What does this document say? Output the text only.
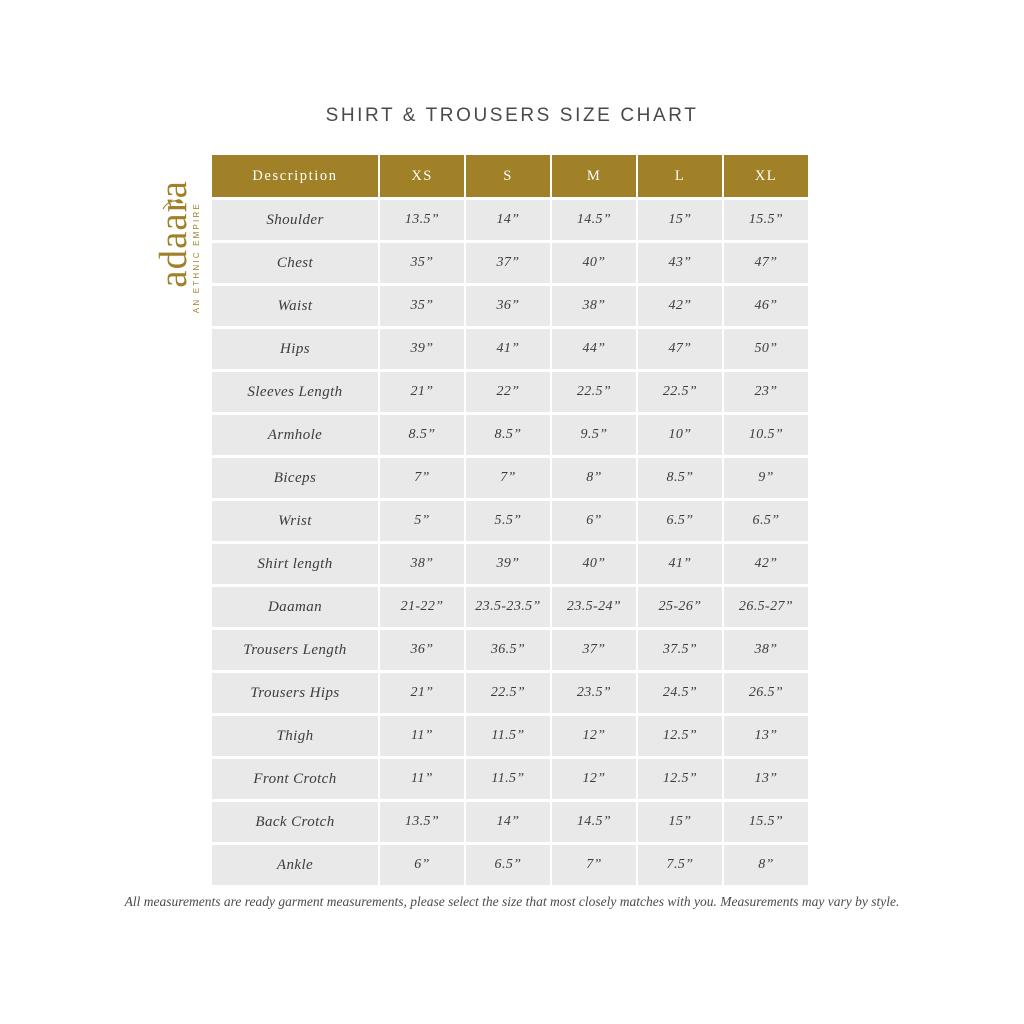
SHIRT & TROUSERS SIZE CHART
adaara
AN ETHNIC EMPIRE
Description	XS	S	M	L	XL
Shoulder	13.5”	14”	14.5”	15”	15.5”
Chest	35”	37”	40”	43”	47”
Waist	35”	36”	38”	42”	46”
Hips	39”	41”	44”	47”	50”
Sleeves Length	21”	22”	22.5”	22.5”	23”
Armhole	8.5”	8.5”	9.5”	10”	10.5”
Biceps	7”	7”	8”	8.5”	9”
Wrist	5”	5.5”	6”	6.5”	6.5”
Shirt length	38”	39”	40”	41”	42”
Daaman	21-22”	23.5-23.5”	23.5-24”	25-26”	26.5-27”
Trousers Length	36”	36.5”	37”	37.5”	38”
Trousers Hips	21”	22.5”	23.5”	24.5”	26.5”
Thigh	11”	11.5”	12”	12.5”	13”
Front Crotch	11”	11.5”	12”	12.5”	13”
Back Crotch	13.5”	14”	14.5”	15”	15.5”
Ankle	6”	6.5”	7”	7.5”	8”
All measurements are ready garment measurements, please select the size that most closely matches with you. Measurements may vary by style.
